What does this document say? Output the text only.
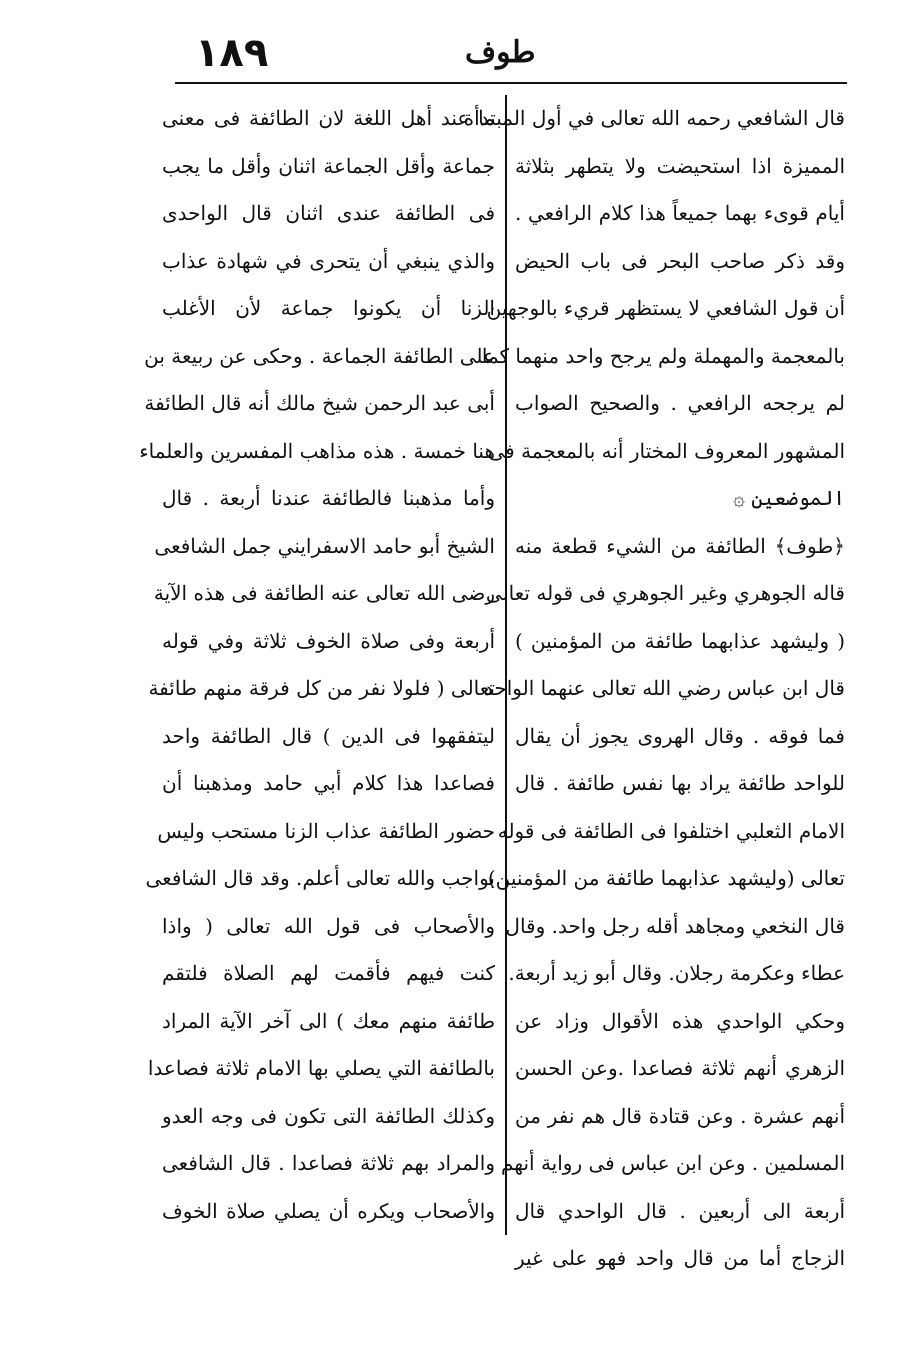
١٨٩	طوف
قال الشافعي رحمه الله تعالى في أول المبتدأة
المميزة اذا استحيضت ولا يتطهر بثلاثة
أيام قوىء بهما جميعاً هذا كلام الرافعي .
وقد ذكر صاحب البحر فى باب الحيض
أن قول الشافعي لا يستظهر قريء بالوجهين
بالمعجمة والمهملة ولم يرجح واحد منهما كما
لم يرجحه الرافعي . والصحيح الصواب
المشهور المعروف المختار أنه بالمعجمة فى
الموضعين ۞
﴿طوف﴾ الطائفة من الشيء قطعة منه
قاله الجوهري وغير الجوهري فى قوله تعالى
( وليشهد عذابهما طائفة من المؤمنين )
قال ابن عباس رضي الله تعالى عنهما الواحد
فما فوقه . وقال الهروى يجوز أن يقال
للواحد طائفة يراد بها نفس طائفة . قال
الامام الثعلبي اختلفوا فى الطائفة فى قوله
تعالى (وليشهد عذابهما طائفة من المؤمنين)
قال النخعي ومجاهد أقله رجل واحد. وقال
عطاء وعكرمة رجلان. وقال أبو زيد أربعة.
وحكي الواحدي هذه الأقوال وزاد عن
الزهري أنهم ثلاثة فصاعدا .وعن الحسن
أنهم عشرة . وعن قتادة قال هم نفر من
المسلمين . وعن ابن عباس فى رواية أنهم
أربعة الى أربعين . قال الواحدي قال
الزجاج أما من قال واحد فهو على غير
ما عند أهل اللغة لان الطائفة فى معنى
جماعة وأقل الجماعة اثنان وأقل ما يجب
فى الطائفة عندى اثنان قال الواحدى
والذي ينبغي أن يتحرى في شهادة عذاب
الزنا أن يكونوا جماعة لأن الأغلب
على الطائفة الجماعة . وحكى عن ربيعة بن
أبى عبد الرحمن شيخ مالك أنه قال الطائفة
هنا خمسة . هذه مذاهب المفسرين والعلماء
وأما مذهبنا فالطائفة عندنا أربعة . قال
الشيخ أبو حامد الاسفرايني جمل الشافعى
رضى الله تعالى عنه الطائفة فى هذه الآية
أربعة وفى صلاة الخوف ثلاثة وفي قوله
تعالى ( فلولا نفر من كل فرقة منهم طائفة
ليتفقهوا فى الدين ) قال الطائفة واحد
فصاعدا هذا كلام أبي حامد ومذهبنا أن
حضور الطائفة عذاب الزنا مستحب وليس
بواجب والله تعالى أعلم. وقد قال الشافعى
والأصحاب فى قول الله تعالى ( واذا
كنت فيهم فأقمت لهم الصلاة فلتقم
طائفة منهم معك ) الى آخر الآية المراد
بالطائفة التي يصلي بها الامام ثلاثة فصاعدا
وكذلك الطائفة التى تكون فى وجه العدو
والمراد بهم ثلاثة فصاعدا . قال الشافعى
والأصحاب ويكره أن يصلي صلاة الخوف
